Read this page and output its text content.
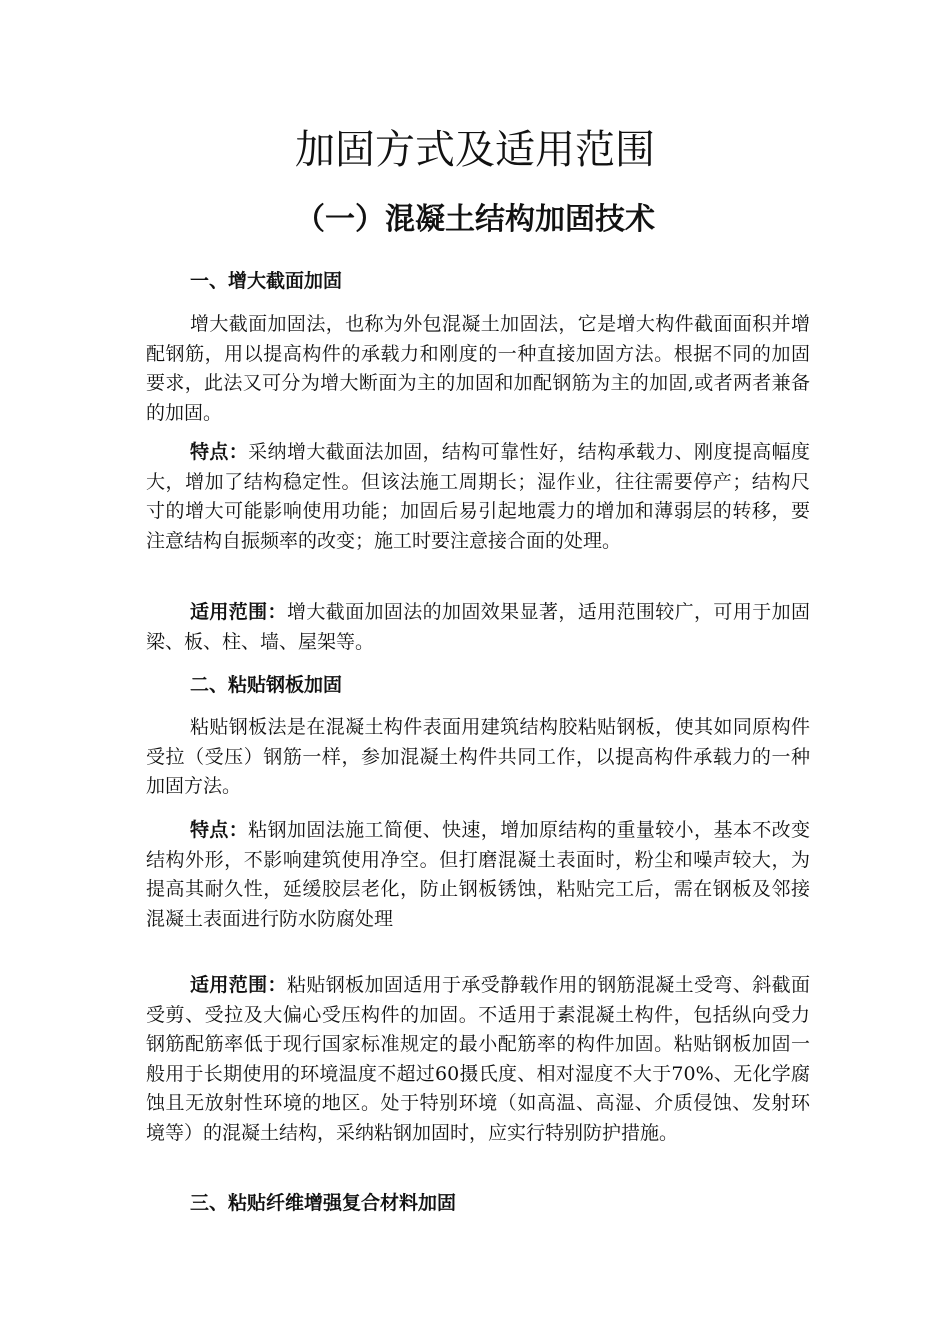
加固方式及适用范围
（一）混凝土结构加固技术
一、增大截面加固

增大截面加固法，也称为外包混凝土加固法，它是增大构件截面面积并增配钢筋，用以提高构件的承载力和刚度的一种直接加固方法。根据不同的加固要求，此法又可分为增大断面为主的加固和加配钢筋为主的加固,或者两者兼备的加固。

特点：采纳增大截面法加固，结构可靠性好，结构承载力、刚度提高幅度大，增加了结构稳定性。但该法施工周期长；湿作业，往往需要停产；结构尺寸的增大可能影响使用功能；加固后易引起地震力的增加和薄弱层的转移，要注意结构自振频率的改变；施工时要注意接合面的处理。

适用范围：增大截面加固法的加固效果显著，适用范围较广，可用于加固梁、板、柱、墙、屋架等。

二、粘贴钢板加固

粘贴钢板法是在混凝土构件表面用建筑结构胶粘贴钢板，使其如同原构件受拉（受压）钢筋一样，参加混凝土构件共同工作，以提高构件承载力的一种加固方法。

特点：粘钢加固法施工简便、快速，增加原结构的重量较小，基本不改变结构外形，不影响建筑使用净空。但打磨混凝土表面时，粉尘和噪声较大，为提高其耐久性，延缓胶层老化，防止钢板锈蚀，粘贴完工后，需在钢板及邻接混凝土表面进行防水防腐处理

适用范围：粘贴钢板加固适用于承受静载作用的钢筋混凝土受弯、斜截面受剪、受拉及大偏心受压构件的加固。不适用于素混凝土构件，包括纵向受力钢筋配筋率低于现行国家标准规定的最小配筋率的构件加固。粘贴钢板加固一般用于长期使用的环境温度不超过60摄氏度、相对湿度不大于70%、无化学腐蚀且无放射性环境的地区。处于特别环境（如高温、高湿、介质侵蚀、发射环境等）的混凝土结构，采纳粘钢加固时，应实行特别防护措施。

三、粘贴纤维增强复合材料加固
